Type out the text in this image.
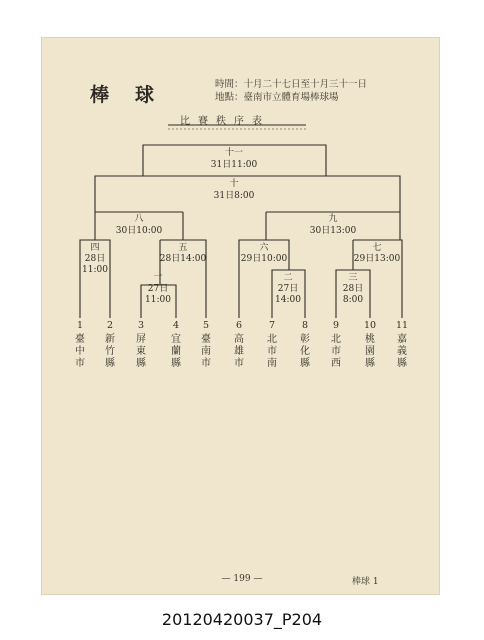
棒球	時間：十月二十七日至十月三十一日
地點：臺南市立體育場棒球場
比賽秩序表
十一
31日11:00
十
31日8:00
八
30日10:00
九
30日13:00
四
28日
11:00
五
28日14:00
六
29日10:00
七
29日13:00
一
27日
11:00
二
27日
14:00
三
28日
8:00
1	2	3	4	5	6	7	8	9	10 11
臺中市
新竹縣
屏東縣
宜蘭縣
臺南市
高雄市
北市南
彰化縣
北市西
桃園縣
嘉義縣
— 199 —	棒球 1
20120420037_P204
